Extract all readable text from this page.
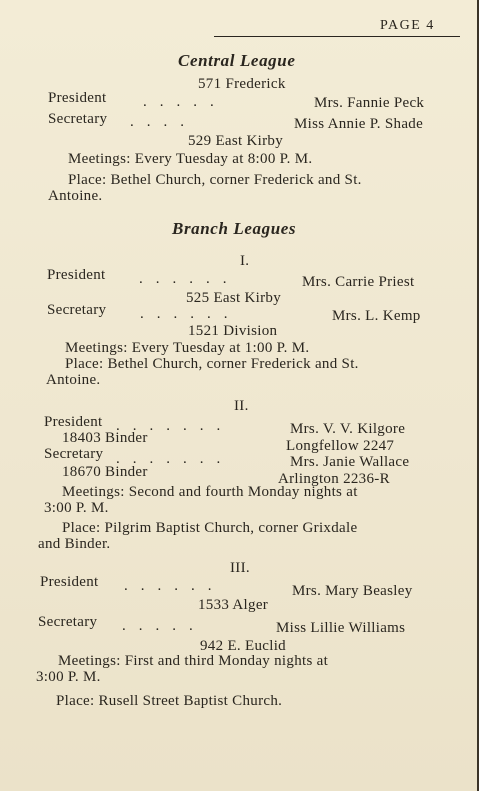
PAGE 4
Central League
571 Frederick
President .....	Mrs. Fannie Peck
Secretary ....	Miss Annie P. Shade
529 East Kirby
Meetings: Every Tuesday at 8:00 P. M.
Place: Bethel Church, corner Frederick and St.
Antoine.
Branch Leagues
I.
President ......	Mrs. Carrie Priest
525 East Kirby
Secretary ......	Mrs. L. Kemp
1521 Division
Meetings: Every Tuesday at 1:00 P. M.
Place: Bethel Church, corner Frederick and St.
Antoine.
II.
President .......	Mrs. V. V. Kilgore
18403 Binder	Longfellow 2247
Secretary .......	Mrs. Janie Wallace
18670 Binder	Arlington 2236-R
Meetings: Second and fourth Monday nights at
3:00 P. M.
Place: Pilgrim Baptist Church, corner Grixdale
and Binder.
III.
President ......	Mrs. Mary Beasley
1533 Alger
Secretary .....	Miss Lillie Williams
942 E. Euclid
Meetings: First and third Monday nights at
3:00 P. M.
Place: Rusell Street Baptist Church.
